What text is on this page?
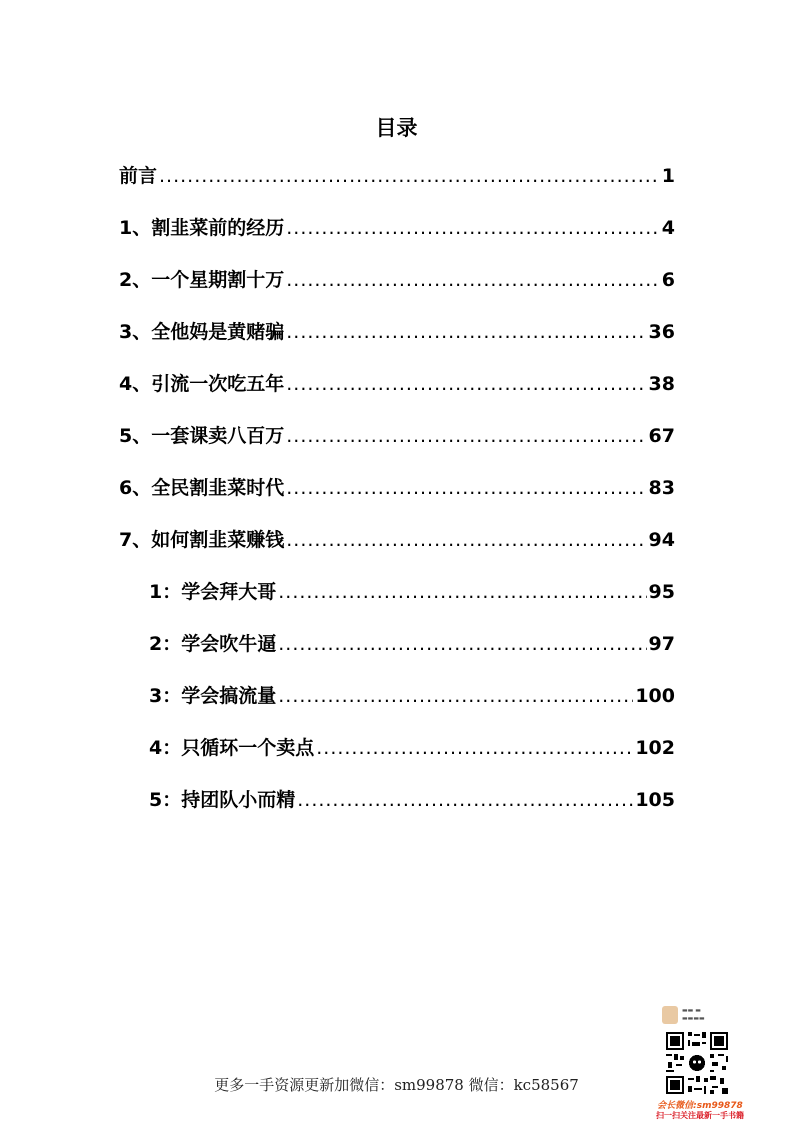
目录
前言 .....	1
1、割韭菜前的经历 .....	4
2、一个星期割十万 .....	6
3、全他妈是黄赌骗 .....	36
4、引流一次吃五年 .....	38
5、一套课卖八百万 .....	67
6、全民割韭菜时代 .....	83
7、如何割韭菜赚钱 .....	94
1：学会拜大哥 .....	95
2：学会吹牛逼 .....	97
3：学会搞流量 .....	100
4：只循环一个卖点 .....	102
5：持团队小而精 .....	105
更多一手资源更新加微信：sm99878 微信：kc58567
▬▬ ▬
▬▬▬▬
会长微信:sm99878
扫一扫关注最新一手书籍
